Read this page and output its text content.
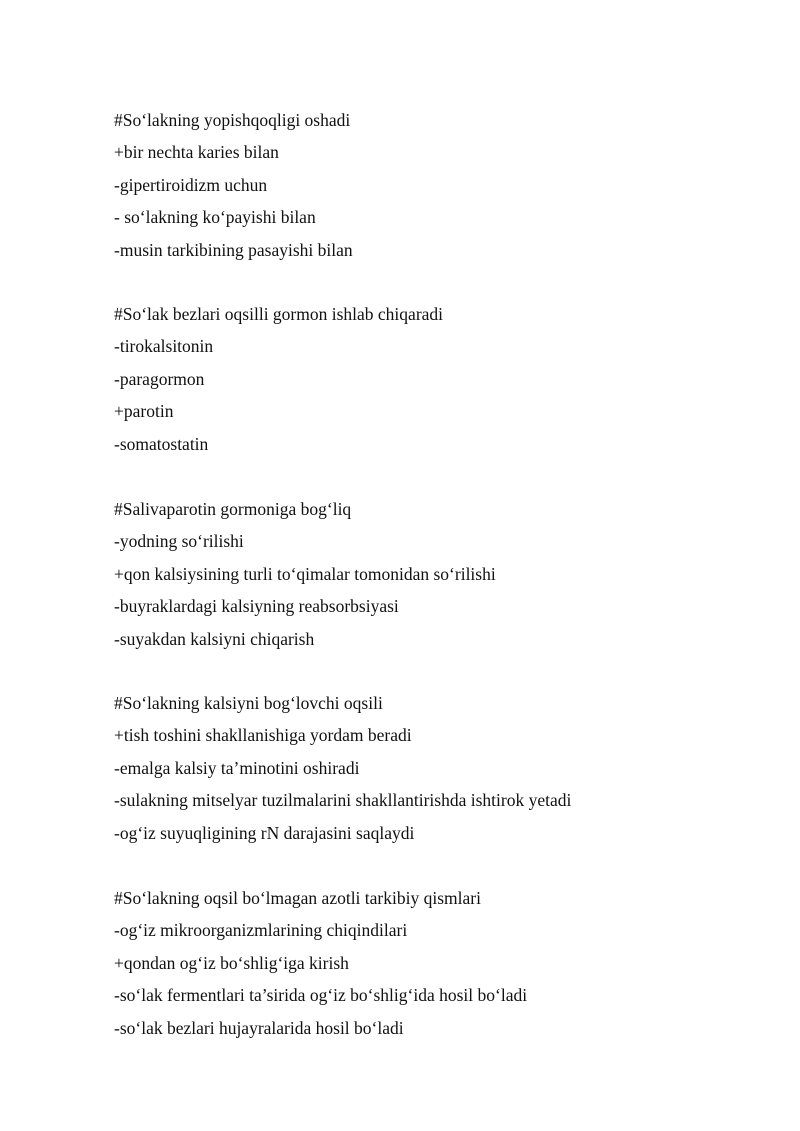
#So‘lakning yopishqoqligi oshadi
+bir nechta karies bilan
-gipertiroidizm uchun
- so‘lakning ko‘payishi bilan
-musin tarkibining pasayishi bilan
#So‘lak bezlari oqsilli gormon ishlab chiqaradi
-tirokalsitonin
-paragormon
+parotin
-somatostatin
#Salivaparotin gormoniga bog‘liq
-yodning so‘rilishi
+qon kalsiysining turli to‘qimalar tomonidan so‘rilishi
-buyraklardagi kalsiyning reabsorbsiyasi
-suyakdan kalsiyni chiqarish
#So‘lakning kalsiyni bog‘lovchi oqsili
+tish toshini shakllanishiga yordam beradi
-emalga kalsiy ta’minotini oshiradi
-sulakning mitselyar tuzilmalarini shakllantirishda ishtirok yetadi
-og‘iz suyuqligining rN darajasini saqlaydi
#So‘lakning oqsil bo‘lmagan azotli tarkibiy qismlari
-og‘iz mikroorganizmlarining chiqindilari
+qondan og‘iz bo‘shlig‘iga kirish
-so‘lak fermentlari ta’sirida og‘iz bo‘shlig‘ida hosil bo‘ladi
-so‘lak bezlari hujayralarida hosil bo‘ladi
